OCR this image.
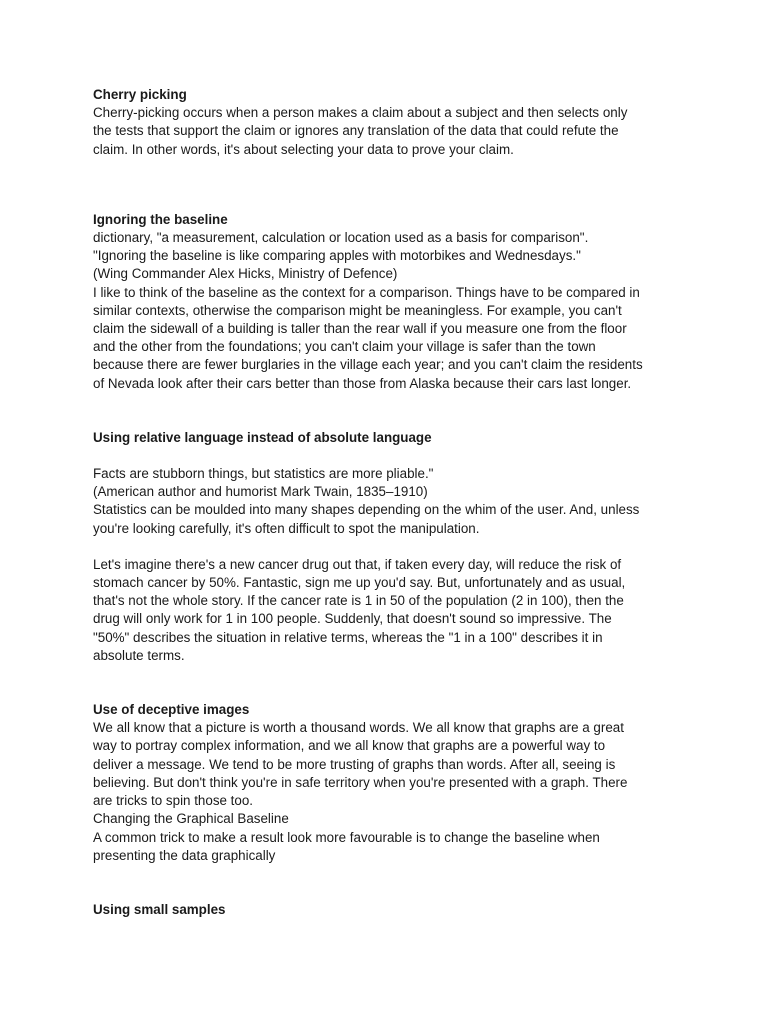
Cherry picking
Cherry-picking occurs when a person makes a claim about a subject and then selects only
the tests that support the claim or ignores any translation of the data that could refute the
claim. In other words, it's about selecting your data to prove your claim.
Ignoring the baseline
dictionary, "a measurement, calculation or location used as a basis for comparison".
"Ignoring the baseline is like comparing apples with motorbikes and Wednesdays."
(Wing Commander Alex Hicks, Ministry of Defence)
I like to think of the baseline as the context for a comparison. Things have to be compared in
similar contexts, otherwise the comparison might be meaningless. For example, you can't
claim the sidewall of a building is taller than the rear wall if you measure one from the floor
and the other from the foundations; you can't claim your village is safer than the town
because there are fewer burglaries in the village each year; and you can't claim the residents
of Nevada look after their cars better than those from Alaska because their cars last longer.
Using relative language instead of absolute language
Facts are stubborn things, but statistics are more pliable."
(American author and humorist Mark Twain, 1835–1910)
Statistics can be moulded into many shapes depending on the whim of the user. And, unless
you're looking carefully, it's often difficult to spot the manipulation.
Let's imagine there's a new cancer drug out that, if taken every day, will reduce the risk of
stomach cancer by 50%. Fantastic, sign me up you'd say. But, unfortunately and as usual,
that's not the whole story. If the cancer rate is 1 in 50 of the population (2 in 100), then the
drug will only work for 1 in 100 people. Suddenly, that doesn't sound so impressive. The
"50%" describes the situation in relative terms, whereas the "1 in a 100" describes it in
absolute terms.
Use of deceptive images
We all know that a picture is worth a thousand words. We all know that graphs are a great
way to portray complex information, and we all know that graphs are a powerful way to
deliver a message. We tend to be more trusting of graphs than words. After all, seeing is
believing. But don't think you're in safe territory when you're presented with a graph. There
are tricks to spin those too.
Changing the Graphical Baseline
A common trick to make a result look more favourable is to change the baseline when
presenting the data graphically
Using small samples
